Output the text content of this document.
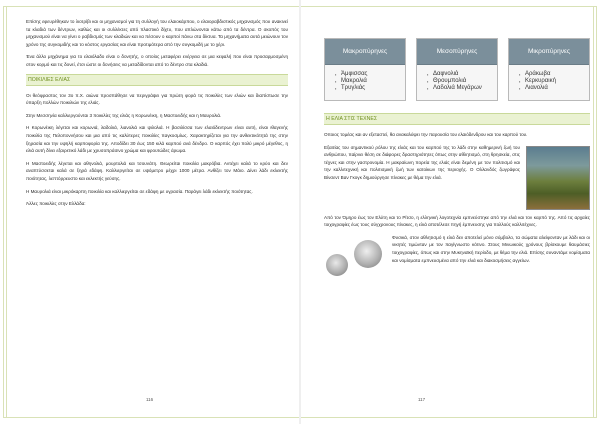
Επίσης εφευρέθηκαν το λιοτρίβι και οι μηχανισμοί για τη συλλογή του ελαιοκάρπου, ο ελαιοραβδιστικός μηχανισμός που ανακινεί τα κλαδιά των δέντρων, καθώς και οι συλλέκτες από πλαστικό δίχτυ, που απλώνονται κάτω από τα δέντρα. Ο σκοπός του μηχανισμού είναι να γίνει ο ραβδισμός των κλαδιών και να πέσουν ο καρποί πάνω στα δίκτυα. Τα μηχανήματα αυτά μειώνουν τον χρόνο της συγκομιδής και το κόστος εργασίας και είναι προτιμότερα από την συγκομιδή με το χέρι.

Ένα άλλο μηχάνημα για το ελαιόλαδο είναι ο δονητής, ο οποίος μεταφέρει ενέργεια σε μια κεφαλή που είναι προσαρμοσμένη στον κορμό και τις δονεί, έτσι ώστε οι δονήσεις να μεταδίδονται από το δέντρο στα κλαδιά.

ΠΟΙΚΙΛΙΕΣ ΕΛΙΑΣ

Οι θεόφραστος τον 3ο π.Χ. αιώνα προσπάθησε να περιγράψει για πρώτη φορά τις ποικιλίες των ελιών και διαπίστωσε την ύπαρξη πολλών ποικιλιών της ελιάς.

Στην Μεσσηνία καλλιεργούνται 3 ποικιλίες της ελιάς η Κορωνέικη, η Μαστοειδής και η Μαυρολιά.

Η Κορωνέικη λέγεται και κορωνιά, λαδολιά, λιανολιά και ψιλολιά. Η βασιλίσσα των ελαιόδεντρων είναι αυτή, είναι ιθαγενής ποικιλία της Πελοποννήσου και μια από τις καλύτερες ποικιλίες παγκοσμίως. Χαρακτηρίζεται για την ανθεκτικότητά της στην ξηρασία και την υψηλή καρποφορία της. Αποδίδει 30 έως 150 κιλά καρπού ανά δένδρο. Ο καρπός έχει πολύ μικρό μέγεθος, η ελιά αυτή δίνει εξαιρετικό λάδι με χρυσοπράσινο χρώμα και φρουτώδες άρωμα.

Η Μαστοειδής λέγεται και αθηνολιά, μουρτολιά και τσουνάτη. Θεωρείται ποικιλία μακρόβια. Αντέχει καλά το κρύο και δεν αναπτύσσεται καλά σε ξηρά εδάφη. Καλλιεργείται σε υψόμετρο μέχρι 1000 μέτρα. Ανθίζει τον Μάιο. Δίνει λάδι εκλεκτής ποιότητας, λεπτόρρευστο και εκλεκτής γεύσης.

Η Μαυρολιά είναι μικρόκαρπη ποικιλία και καλλιεργείται σε εδάφη με υγρασία. Παράγει λάδι εκλεκτής ποιότητας.

Άλλες ποικιλίες στην Ελλάδα:

116
Μακροπύρηνες
▪ Άμφισσας
▪ Μακρολιά
▪ Τρυγλιάς
Μεσοπύρηνες
▪ Δαφνολιά
▪ Θρουμπολιά
▪ Λαδολιά Μεγάρων
Μικροπύρηνες
▪ Αράκωβα
▪ Κερκυραική
▪ Λιανολιά
Η ΕΛΙΑ ΣΤΙΣ ΤΕΧΝΕΣ

Οποιος τομέας και αν εξεταστεί, θα ανακαλύψει την παρουσία του ελαιόδενδρου και του καρπού του.

Εξαιτίας του σημαντικού ρόλου της ελιάς και του καρπού της το λάδι στην καθημερινή ζωή του ανθρώπου, παίρνει θέση σε διάφορες δραστηριότητες όπως στην αθλητισμό, στη θρησκεία, στις τέχνες και στην γαστρονομία. Η μακραίωνη πορεία της ελιάς είναι δεμένη με τον πολιτισμό και την καλλιτεχνική και πολιτισμική ζωή των κατοίκων της περιοχής. Ο Ολλανδός ζωγράφος Βίνσεντ Βαν Γκογκ δημιούργησε πίνακες με θέμα την ελιά.

Από τον Όμηρο έως τον Ελύτη και το Ρίτσο, η ελληνική λογοτεχνία εμπνεύστηκε από την ελιά και τον καρπό της. Από τις αρχαίες τοιχογραφίες έως τους σύγχρονους πίνακες, η ελιά αποτέλεσε πηγή έμπνευσης για πολλούς καλλιτέχνες.

Φυσικά, στον αθλητισμό η ελιά δεν αποτελεί μόνο σύμβολο, τα σώματα αλείφονταν με λάδι και οι νικητές τιμώνταν με τον παγίγνωστο κότινο. Στους Μινωικούς χρόνους βρίσκουμε θαυμάσιες τοιχογραφίες, όπως και στην Μυκηναϊκή περίοδο, με θέμα την ελιά. Επίσης συναντάμε νομίσματα και νομίσματα εμπνευσμένα από την ελιά και διακοσμήσεις αγγείων.

117
